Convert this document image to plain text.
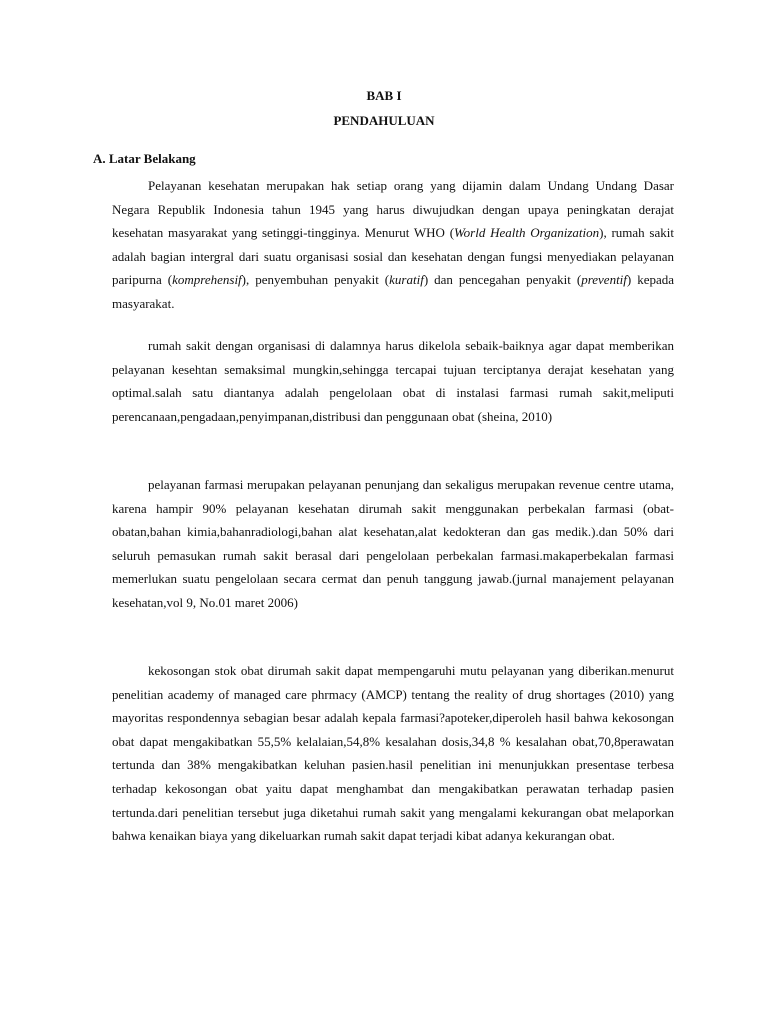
BAB I
PENDAHULUAN
A. Latar Belakang

Pelayanan kesehatan merupakan hak setiap orang yang dijamin dalam Undang Undang Dasar Negara Republik Indonesia tahun 1945 yang harus diwujudkan dengan upaya peningkatan derajat kesehatan masyarakat yang setinggi-tingginya. Menurut WHO (World Health Organization), rumah sakit adalah bagian intergral dari suatu organisasi sosial dan kesehatan dengan fungsi menyediakan pelayanan paripurna (komprehensif), penyembuhan penyakit (kuratif) dan pencegahan penyakit (preventif) kepada masyarakat.

rumah sakit dengan organisasi di dalamnya harus dikelola sebaik-baiknya agar dapat memberikan pelayanan kesehtan semaksimal mungkin,sehingga tercapai tujuan terciptanya derajat kesehatan yang optimal.salah satu diantanya adalah pengelolaan obat di instalasi farmasi rumah sakit,meliputi perencanaan,pengadaan,penyimpanan,distribusi dan penggunaan obat (sheina, 2010)

pelayanan farmasi merupakan pelayanan penunjang dan sekaligus merupakan revenue centre utama, karena hampir 90% pelayanan kesehatan dirumah sakit menggunakan perbekalan farmasi (obat-obatan,bahan kimia,bahanradiologi,bahan alat kesehatan,alat kedokteran dan gas medik.).dan 50% dari seluruh pemasukan rumah sakit berasal dari pengelolaan perbekalan farmasi.makaperbekalan farmasi memerlukan suatu pengelolaan secara cermat dan penuh tanggung jawab.(jurnal manajement pelayanan kesehatan,vol 9, No.01 maret 2006)

kekosongan stok obat dirumah sakit dapat mempengaruhi mutu pelayanan yang diberikan.menurut penelitian academy of managed care phrmacy (AMCP) tentang the reality of drug shortages (2010) yang mayoritas respondennya sebagian besar adalah kepala farmasi?apoteker,diperoleh hasil bahwa kekosongan obat dapat mengakibatkan 55,5% kelalaian,54,8% kesalahan dosis,34,8 % kesalahan obat,70,8perawatan tertunda dan 38% mengakibatkan keluhan pasien.hasil penelitian ini menunjukkan presentase terbesa terhadap kekosongan obat yaitu dapat menghambat dan mengakibatkan perawatan terhadap pasien tertunda.dari penelitian tersebut juga diketahui rumah sakit yang mengalami kekurangan obat melaporkan bahwa kenaikan biaya yang dikeluarkan rumah sakit dapat terjadi kibat adanya kekurangan obat.
